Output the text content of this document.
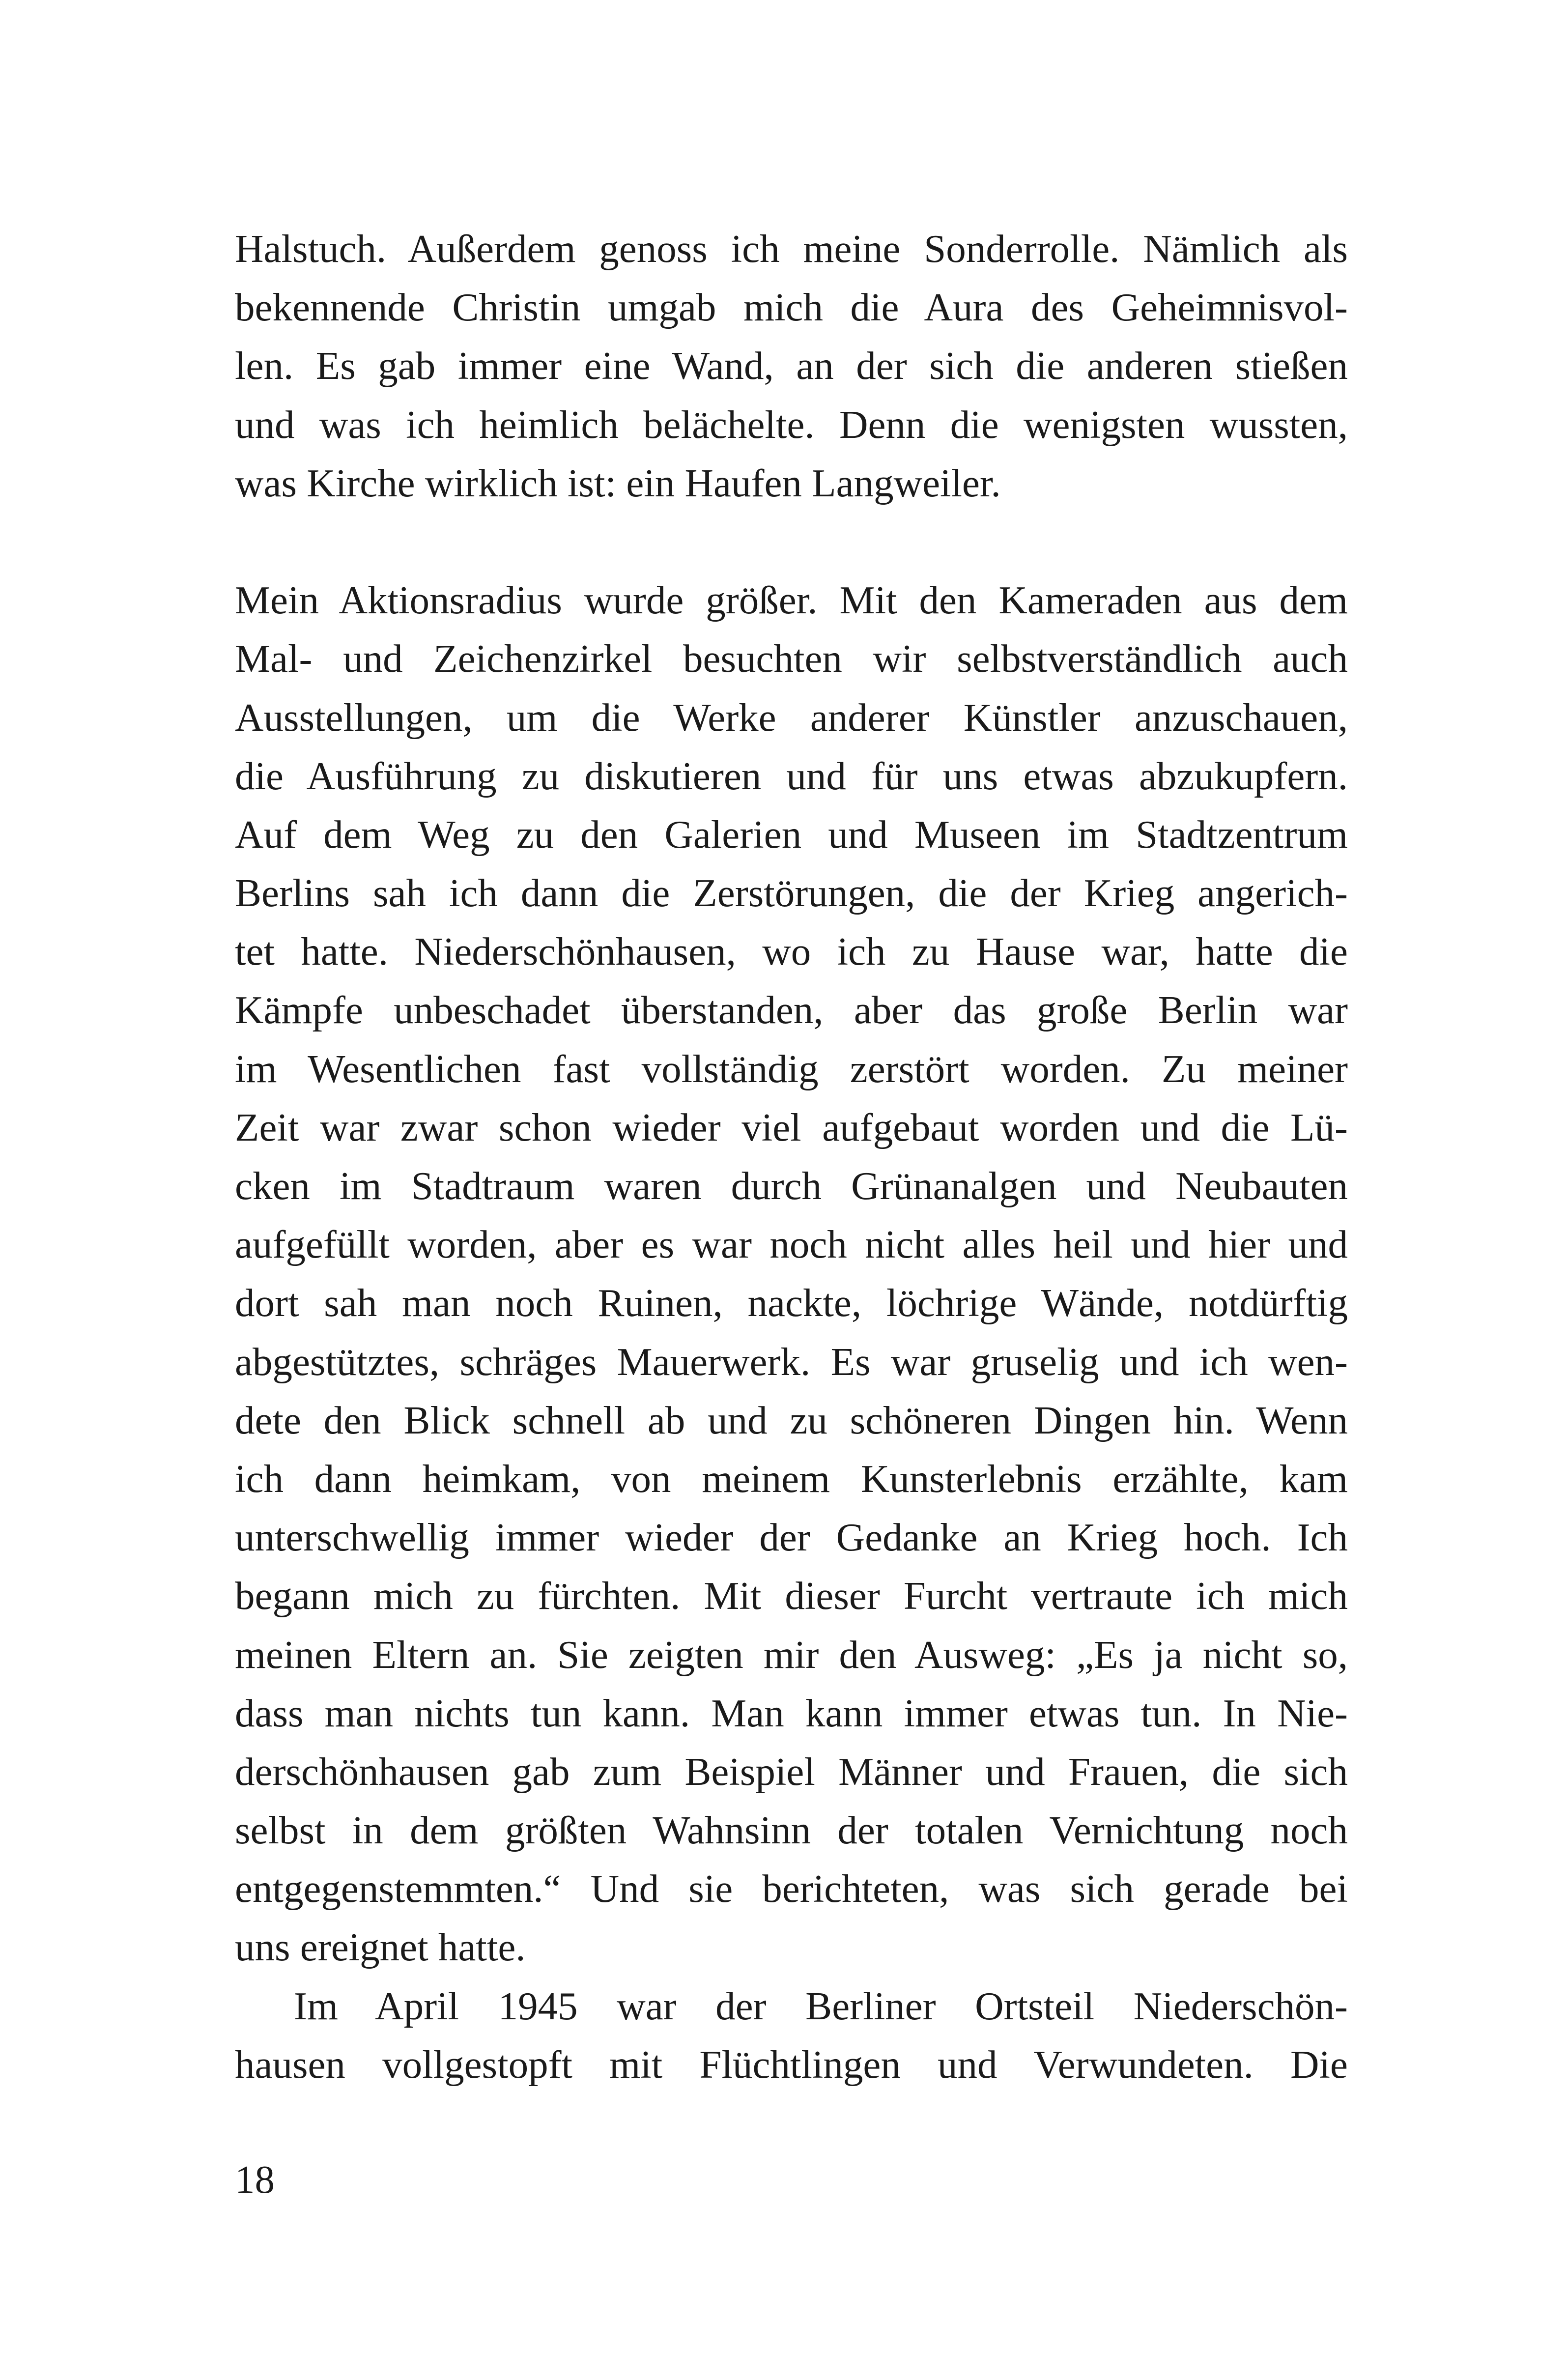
Halstuch. Außerdem genoss ich meine Sonderrolle. Nämlich als
bekennende Christin umgab mich die Aura des Geheimnisvol-
len. Es gab immer eine Wand, an der sich die anderen stießen
und was ich heimlich belächelte. Denn die wenigsten wussten,
was Kirche wirklich ist: ein Haufen Langweiler.
Mein Aktionsradius wurde größer. Mit den Kameraden aus dem
Mal- und Zeichenzirkel besuchten wir selbstverständlich auch
Ausstellungen, um die Werke anderer Künstler anzuschauen,
die Ausführung zu diskutieren und für uns etwas abzukupfern.
Auf dem Weg zu den Galerien und Museen im Stadtzentrum
Berlins sah ich dann die Zerstörungen, die der Krieg angerich-
tet hatte. Niederschönhausen, wo ich zu Hause war, hatte die
Kämpfe unbeschadet überstanden, aber das große Berlin war
im Wesentlichen fast vollständig zerstört worden. Zu meiner
Zeit war zwar schon wieder viel aufgebaut worden und die Lü-
cken im Stadtraum waren durch Grünanalgen und Neubauten
aufgefüllt worden, aber es war noch nicht alles heil und hier und
dort sah man noch Ruinen, nackte, löchrige Wände, notdürftig
abgestütztes, schräges Mauerwerk. Es war gruselig und ich wen-
dete den Blick schnell ab und zu schöneren Dingen hin. Wenn
ich dann heimkam, von meinem Kunsterlebnis erzählte, kam
unterschwellig immer wieder der Gedanke an Krieg hoch. Ich
begann mich zu fürchten. Mit dieser Furcht vertraute ich mich
meinen Eltern an. Sie zeigten mir den Ausweg: „Es ja nicht so,
dass man nichts tun kann. Man kann immer etwas tun. In Nie-
derschönhausen gab zum Beispiel Männer und Frauen, die sich
selbst in dem größten Wahnsinn der totalen Vernichtung noch
entgegenstemmten.“ Und sie berichteten, was sich gerade bei
uns ereignet hatte.
Im April 1945 war der Berliner Ortsteil Niederschön-
hausen vollgestopft mit Flüchtlingen und Verwundeten. Die
18
